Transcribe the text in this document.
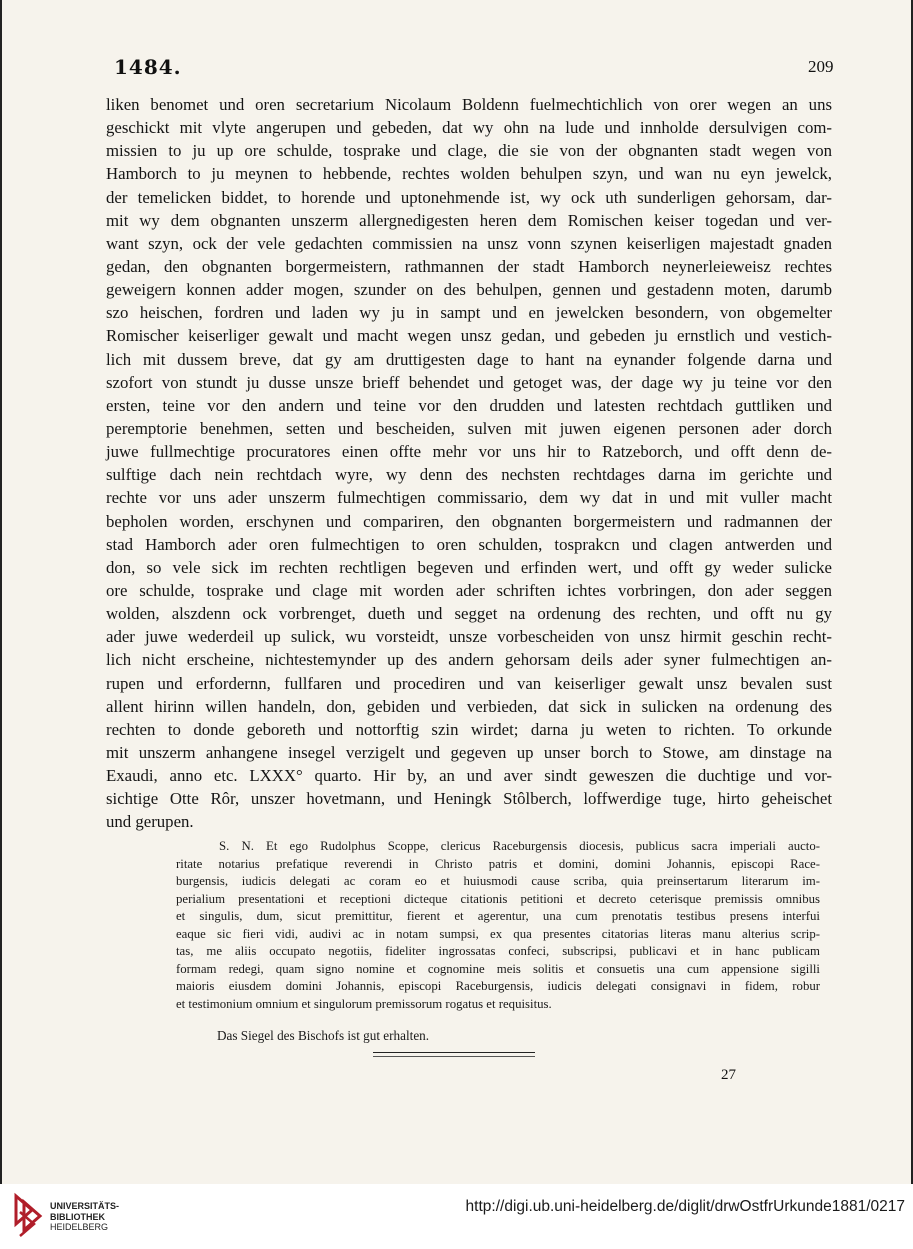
1484.	209
liken benomet und oren secretarium Nicolaum Boldenn fuelmechtichlich von orer wegen an uns
geschickt mit vlyte angerupen und gebeden, dat wy ohn na lude und innholde dersulvigen com-
missien to ju up ore schulde, tosprake und clage, die sie von der obgnanten stadt wegen von
Hamborch to ju meynen to hebbende, rechtes wolden behulpen szyn, und wan nu eyn jewelck,
der temelicken biddet, to horende und uptonehmende ist, wy ock uth sunderligen gehorsam, dar-
mit wy dem obgnanten unszerm allergnedigesten heren dem Romischen keiser togedan und ver-
want szyn, ock der vele gedachten commissien na unsz vonn szynen keiserligen majestadt gnaden
gedan, den obgnanten borgermeistern, rathmannen der stadt Hamborch neynerleieweisz rechtes
geweigern konnen adder mogen, szunder on des behulpen, gennen und gestadenn moten, darumb
szo heischen, fordren und laden wy ju in sampt und en jewelcken besondern, von obgemelter
Romischer keiserliger gewalt und macht wegen unsz gedan, und gebeden ju ernstlich und vestich-
lich mit dussem breve, dat gy am druttigesten dage to hant na eynander folgende darna und
szofort von stundt ju dusse unsze brieff behendet und getoget was, der dage wy ju teine vor den
ersten, teine vor den andern und teine vor den drudden und latesten rechtdach guttliken und
peremptorie benehmen, setten und bescheiden, sulven mit juwen eigenen personen ader dorch
juwe fullmechtige procuratores einen offte mehr vor uns hir to Ratzeborch, und offt denn de-
sulftige dach nein rechtdach wyre, wy denn des nechsten rechtdages darna im gerichte und
rechte vor uns ader unszerm fulmechtigen commissario, dem wy dat in und mit vuller macht
bepholen worden, erschynen und compariren, den obgnanten borgermeistern und radmannen der
stad Hamborch ader oren fulmechtigen to oren schulden, tosprakcn und clagen antwerden und
don, so vele sick im rechten rechtligen begeven und erfinden wert, und offt gy weder sulicke
ore schulde, tosprake und clage mit worden ader schriften ichtes vorbringen, don ader seggen
wolden, alszdenn ock vorbrenget, dueth und segget na ordenung des rechten, und offt nu gy
ader juwe wederdeil up sulick, wu vorsteidt, unsze vorbescheiden von unsz hirmit geschin recht-
lich nicht erscheine, nichtestemynder up des andern gehorsam deils ader syner fulmechtigen an-
rupen und erfordernn, fullfaren und procediren und van keiserliger gewalt unsz bevalen sust
allent hirinn willen handeln, don, gebiden und verbieden, dat sick in sulicken na ordenung des
rechten to donde geboreth und nottorftig szin wirdet; darna ju weten to richten. To orkunde
mit unszerm anhangene insegel verzigelt und gegeven up unser borch to Stowe, am dinstage na
Exaudi, anno etc. LXXX° quarto. Hir by, an und aver sindt geweszen die duchtige und vor-
sichtige Otte Rôr, unszer hovetmann, und Heningk Stôlberch, loffwerdige tuge, hirto geheischet
und gerupen.
S. N. Et ego Rudolphus Scoppe, clericus Raceburgensis diocesis, publicus sacra imperiali aucto-
ritate notarius prefatique reverendi in Christo patris et domini, domini Johannis, episcopi Race-
burgensis, iudicis delegati ac coram eo et huiusmodi cause scriba, quia preinsertarum literarum im-
perialium presentationi et receptioni dicteque citationis petitioni et decreto ceterisque premissis omnibus
et singulis, dum, sicut premittitur, fierent et agerentur, una cum prenotatis testibus presens interfui
eaque sic fieri vidi, audivi ac in notam sumpsi, ex qua presentes citatorias literas manu alterius scrip-
tas, me aliis occupato negotiis, fideliter ingrossatas confeci, subscripsi, publicavi et in hanc publicam
formam redegi, quam signo nomine et cognomine meis solitis et consuetis una cum appensione sigilli
maioris eiusdem domini Johannis, episcopi Raceburgensis, iudicis delegati consignavi in fidem, robur
et testimonium omnium et singulorum premissorum rogatus et requisitus.
Das Siegel des Bischofs ist gut erhalten.
27
UNIVERSITÄTS-
BIBLIOTHEK
HEIDELBERG
http://digi.ub.uni-heidelberg.de/diglit/drwOstfrUrkunde1881/0217
